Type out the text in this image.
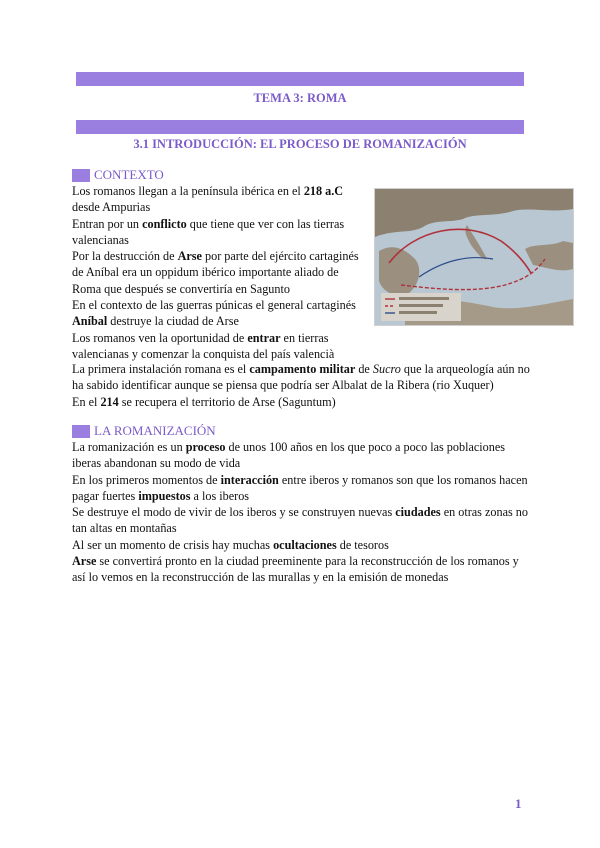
TEMA 3: ROMA
3.1 INTRODUCCIÓN: EL PROCESO DE ROMANIZACIÓN
CONTEXTO

Los romanos llegan a la península ibérica en el 218 a.C desde Ampurias

Entran por un conflicto que tiene que ver con las tierras valencianas

Por la destrucción de Arse por parte del ejército cartaginés de Aníbal era un oppidum ibérico importante aliado de Roma que después se convertiría en Sagunto

En el contexto de las guerras púnicas el general cartaginés Aníbal destruye la ciudad de Arse

Los romanos ven la oportunidad de entrar en tierras valencianas y comenzar la conquista del país valencià

La primera instalación romana es el campamento militar de Sucro que la arqueología aún no ha sabido identificar aunque se piensa que podría ser Albalat de la Ribera (rio Xuquer)

En el 214 se recupera el territorio de Arse (Saguntum)

LA ROMANIZACIÓN

La romanización es un proceso de unos 100 años en los que poco a poco las poblaciones iberas abandonan su modo de vida

En los primeros momentos de interacción entre iberos y romanos son que los romanos hacen pagar fuertes impuestos a los iberos

Se destruye el modo de vivir de los iberos y se construyen nuevas ciudades en otras zonas no tan altas en montañas

Al ser un momento de crisis hay muchas ocultaciones de tesoros

Arse se convertirá pronto en la ciudad preeminente para la reconstrucción de los romanos y así lo vemos en la reconstrucción de las murallas y en la emisión de monedas

1
